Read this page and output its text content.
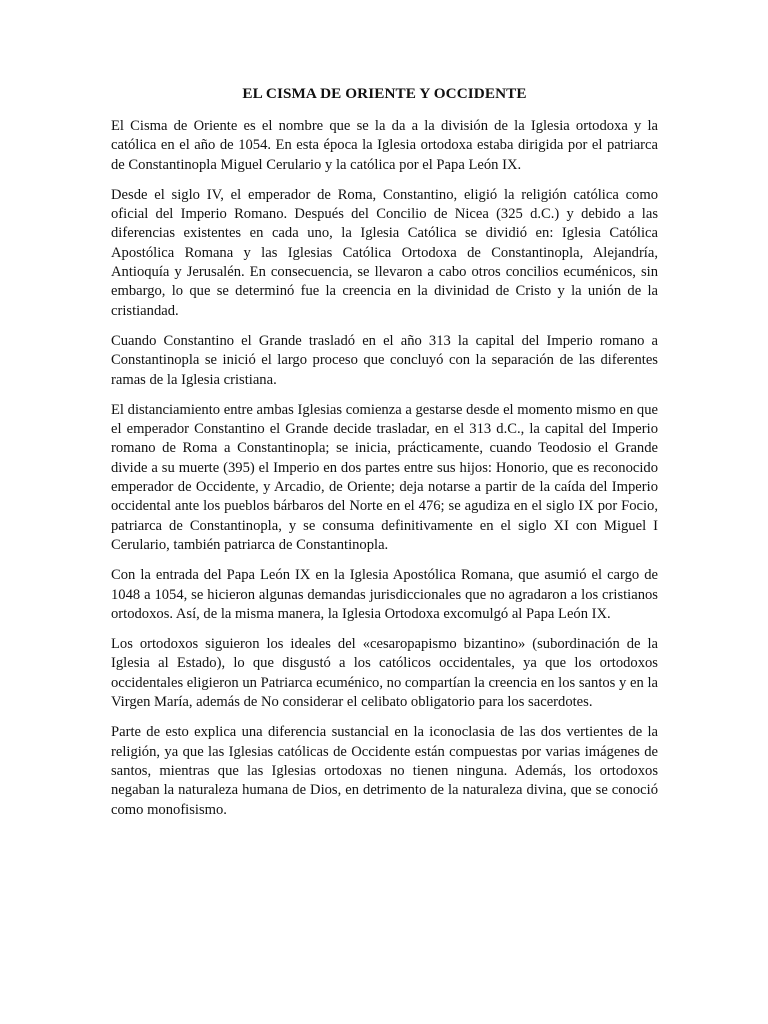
EL CISMA DE ORIENTE Y OCCIDENTE

El Cisma de Oriente es el nombre que se la da a la división de la Iglesia ortodoxa y la católica en el año de 1054. En esta época la Iglesia ortodoxa estaba dirigida por el patriarca de Constantinopla Miguel Cerulario y la católica por el Papa León IX.

Desde el siglo IV, el emperador de Roma, Constantino, eligió la religión católica como oficial del Imperio Romano. Después del Concilio de Nicea (325 d.C.) y debido a las diferencias existentes en cada uno, la Iglesia Católica se dividió en: Iglesia Católica Apostólica Romana y las Iglesias Católica Ortodoxa de Constantinopla, Alejandría, Antioquía y Jerusalén. En consecuencia, se llevaron a cabo otros concilios ecuménicos, sin embargo, lo que se determinó fue la creencia en la divinidad de Cristo y la unión de la cristiandad.

Cuando Constantino el Grande trasladó en el año 313 la capital del Imperio romano a Constantinopla se inició el largo proceso que concluyó con la separación de las diferentes ramas de la Iglesia cristiana.

El distanciamiento entre ambas Iglesias comienza a gestarse desde el momento mismo en que el emperador Constantino el Grande decide trasladar, en el 313 d.C., la capital del Imperio romano de Roma a Constantinopla; se inicia, prácticamente, cuando Teodosio el Grande divide a su muerte (395) el Imperio en dos partes entre sus hijos: Honorio, que es reconocido emperador de Occidente, y Arcadio, de Oriente; deja notarse a partir de la caída del Imperio occidental ante los pueblos bárbaros del Norte en el 476; se agudiza en el siglo IX por Focio, patriarca de Constantinopla, y se consuma definitivamente en el siglo XI con Miguel I Cerulario, también patriarca de Constantinopla.

Con la entrada del Papa León IX en la Iglesia Apostólica Romana, que asumió el cargo de 1048 a 1054, se hicieron algunas demandas jurisdiccionales que no agradaron a los cristianos ortodoxos. Así, de la misma manera, la Iglesia Ortodoxa excomulgó al Papa León IX.

Los ortodoxos siguieron los ideales del «cesaropapismo bizantino» (subordinación de la Iglesia al Estado), lo que disgustó a los católicos occidentales, ya que los ortodoxos occidentales eligieron un Patriarca ecuménico, no compartían la creencia en los santos y en la Virgen María, además de No considerar el celibato obligatorio para los sacerdotes.

Parte de esto explica una diferencia sustancial en la iconoclasia de las dos vertientes de la religión, ya que las Iglesias católicas de Occidente están compuestas por varias imágenes de santos, mientras que las Iglesias ortodoxas no tienen ninguna. Además, los ortodoxos negaban la naturaleza humana de Dios, en detrimento de la naturaleza divina, que se conoció como monofisismo.
